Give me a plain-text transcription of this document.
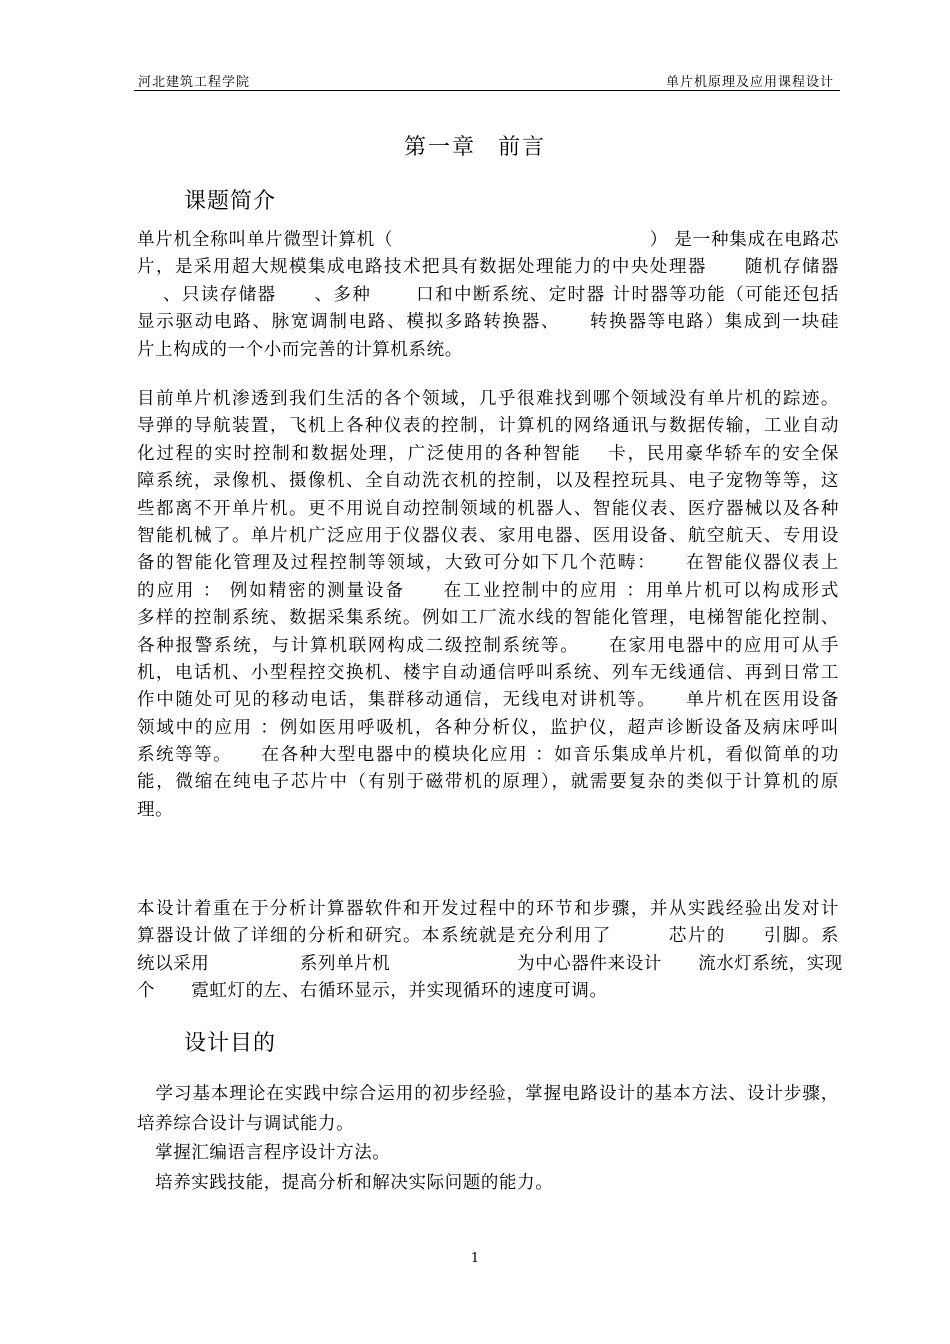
河北建筑工程学院	单片机原理及应用课程设计
第一章 前言
课题简介
单片机全称叫单片微型计算机（　　　　　　　　　　　　　　） 是一种集成在电路芯
片，是采用超大规模集成电路技术把具有数据处理能力的中央处理器　　随机存储器
　 、只读存储器　　、多种　　 口和中断系统、定时器 计时器等功能（可能还包括
显示驱动电路、脉宽调制电路、模拟多路转换器、　　转换器等电路）集成到一块硅
片上构成的一个小而完善的计算机系统。
目前单片机渗透到我们生活的各个领域，几乎很难找到哪个领域没有单片机的踪迹。
导弹的导航装置，飞机上各种仪表的控制，计算机的网络通讯与数据传输，工业自动
化过程的实时控制和数据处理，广泛使用的各种智能　 卡，民用豪华轿车的安全保
障系统，录像机、摄像机、全自动洗衣机的控制，以及程控玩具、电子宠物等等，这
些都离不开单片机。更不用说自动控制领域的机器人、智能仪表、医疗器械以及各种
智能机械了。单片机广泛应用于仪器仪表、家用电器、医用设备、航空航天、专用设
备的智能化管理及过程控制等领域，大致可分如下几个范畴：　　在智能仪器仪表上
的应用 ： 例如精密的测量设备　　在工业控制中的应用 ：用单片机可以构成形式
多样的控制系统、数据采集系统。例如工厂流水线的智能化管理，电梯智能化控制、
各种报警系统，与计算机联网构成二级控制系统等。　　在家用电器中的应用可从手
机，电话机、小型程控交换机、楼宇自动通信呼叫系统、列车无线通信、再到日常工
作中随处可见的移动电话，集群移动通信，无线电对讲机等。　　单片机在医用设备
领域中的应用 ：例如医用呼吸机，各种分析仪，监护仪，超声诊断设备及病床呼叫
系统等等。　　在各种大型电器中的模块化应用 ：如音乐集成单片机，看似简单的功
能，微缩在纯电子芯片中（有别于磁带机的原理），就需要复杂的类似于计算机的原
理。
本设计着重在于分析计算器软件和开发过程中的环节和步骤，并从实践经验出发对计
算器设计做了详细的分析和研究。本系统就是充分利用了　　　芯片的　　引脚。系
统以采用　　　　　系列单片机　　　　　　　为中心器件来设计　　流水灯系统，实现
个　　霓虹灯的左、右循环显示，并实现循环的速度可调。
设计目的
　学习基本理论在实践中综合运用的初步经验，掌握电路设计的基本方法、设计步骤，
培养综合设计与调试能力。
　掌握汇编语言程序设计方法。
　培养实践技能，提高分析和解决实际问题的能力。
1
